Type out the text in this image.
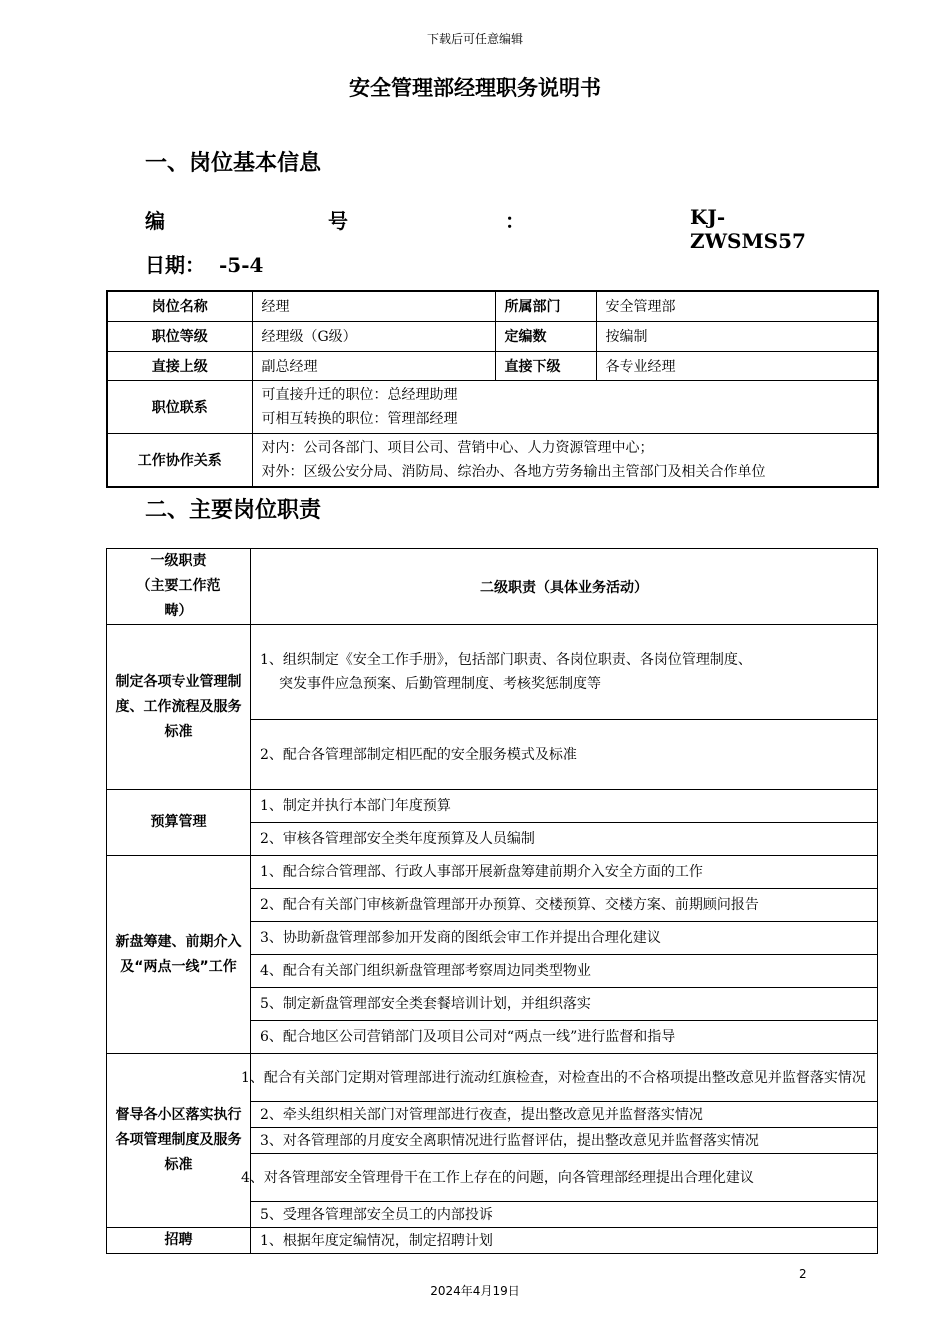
下载后可任意编辑
安全管理部经理职务说明书
一、岗位基本信息
编	号	：	KJ-ZWSMS57
日期： -5-4
岗位名称	经理	所属部门	安全管理部
职位等级	经理级（G级）	定编数	按编制
直接上级	副总经理	直接下级	各专业经理
职位联系	可直接升迁的职位：总经理助理
可相互转换的职位：管理部经理		

工作协作关系	对内：公司各部门、项目公司、营销中心、人力资源管理中心；
对外：区级公安分局、消防局、综治办、各地方劳务输出主管部门及相关合作单位		
二、主要岗位职责
一级职责
（主要工作范
畴）	二级职责（具体业务活动）
制定各项专业管理制度、工作流程及服务标准	1、组织制定《安全工作手册》，包括部门职责、各岗位职责、各岗位管理制度、
突发事件应急预案、后勤管理制度、考核奖惩制度等

	2、配合各管理部制定相匹配的安全服务模式及标准
预算管理	1、制定并执行本部门年度预算
	2、审核各管理部安全类年度预算及人员编制
新盘筹建、前期介入及“两点一线”工作	1、配合综合管理部、行政人事部开展新盘筹建前期介入安全方面的工作
	2、配合有关部门审核新盘管理部开办预算、交楼预算、交楼方案、前期顾问报告
	3、协助新盘管理部参加开发商的图纸会审工作并提出合理化建议
	4、配合有关部门组织新盘管理部考察周边同类型物业
	5、制定新盘管理部安全类套餐培训计划，并组织落实
	6、配合地区公司营销部门及项目公司对“两点一线”进行监督和指导
督导各小区落实执行各项管理制度及服务标准	1、配合有关部门定期对管理部进行流动红旗检查，对检查出的不合格项提出整改意见并监督落实情况
	2、牵头组织相关部门对管理部进行夜查，提出整改意见并监督落实情况
	3、对各管理部的月度安全离职情况进行监督评估，提出整改意见并监督落实情况
	4、对各管理部安全管理骨干在工作上存在的问题，向各管理部经理提出合理化建议
	5、受理各管理部安全员工的内部投诉
招聘	1、根据年度定编情况，制定招聘计划
2
2024年4月19日
